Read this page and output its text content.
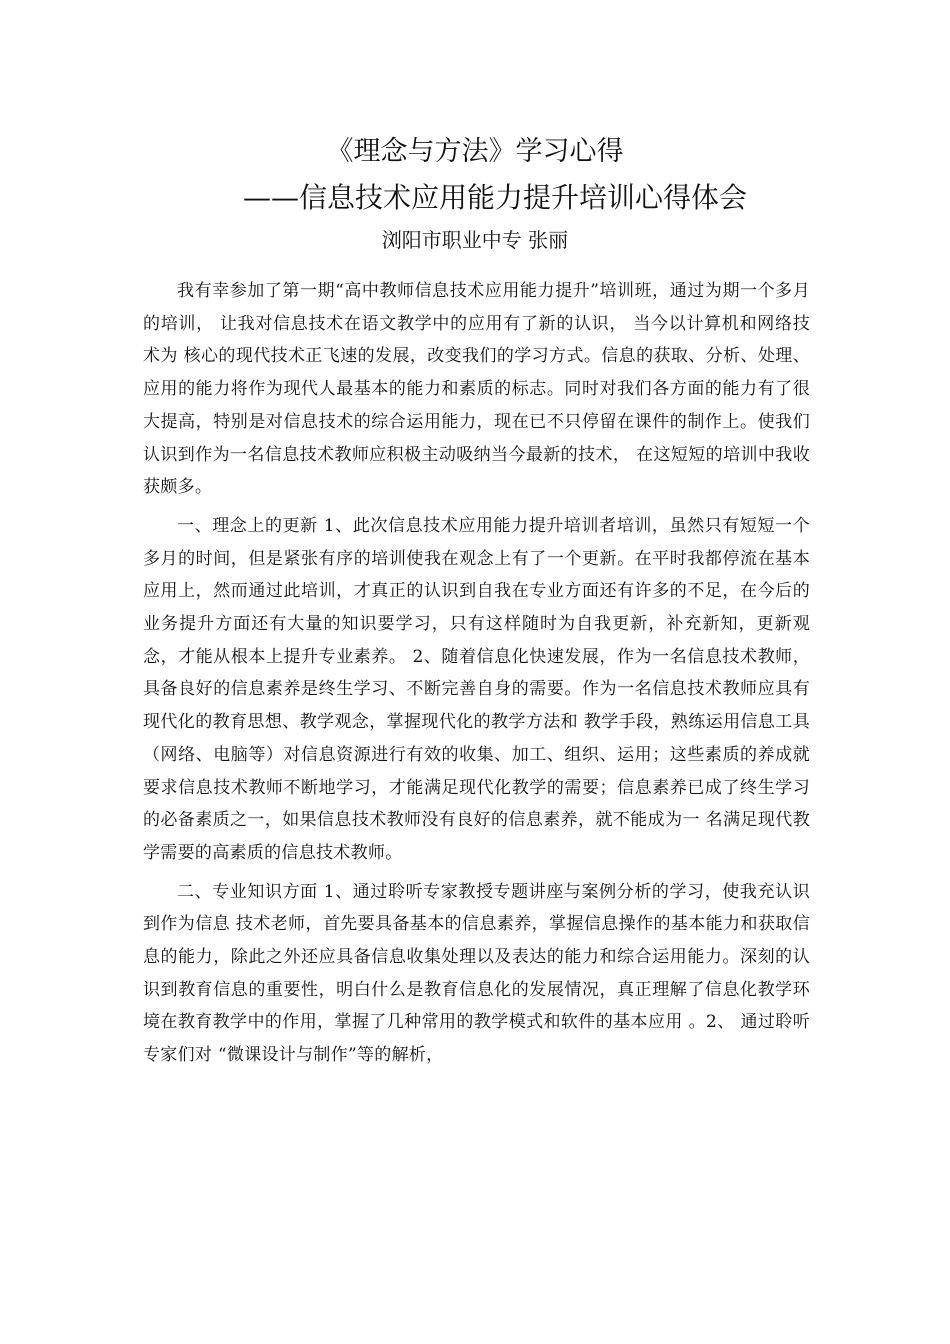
《理念与方法》学习心得
——信息技术应用能力提升培训心得体会
浏阳市职业中专 张丽

我有幸参加了第一期“高中教师信息技术应用能力提升”培训班，通过为期一个多月的培训， 让我对信息技术在语文教学中的应用有了新的认识， 当今以计算机和网络技术为 核心的现代技术正飞速的发展，改变我们的学习方式。信息的获取、分析、处理、应用的能力将作为现代人最基本的能力和素质的标志。同时对我们各方面的能力有了很大提高，特别是对信息技术的综合运用能力，现在已不只停留在课件的制作上。使我们认识到作为一名信息技术教师应积极主动吸纳当今最新的技术， 在这短短的培训中我收获颇多。

一、理念上的更新 1、此次信息技术应用能力提升培训者培训，虽然只有短短一个多月的时间，但是紧张有序的培训使我在观念上有了一个更新。在平时我都停流在基本应用上，然而通过此培训，才真正的认识到自我在专业方面还有许多的不足，在今后的业务提升方面还有大量的知识要学习，只有这样随时为自我更新，补充新知，更新观念，才能从根本上提升专业素养。 2、随着信息化快速发展，作为一名信息技术教师，具备良好的信息素养是终生学习、不断完善自身的需要。作为一名信息技术教师应具有现代化的教育思想、教学观念，掌握现代化的教学方法和 教学手段，熟练运用信息工具（网络、电脑等）对信息资源进行有效的收集、加工、组织、运用；这些素质的养成就要求信息技术教师不断地学习，才能满足现代化教学的需要；信息素养已成了终生学习的必备素质之一，如果信息技术教师没有良好的信息素养，就不能成为一 名满足现代教学需要的高素质的信息技术教师。

二、专业知识方面 1、通过聆听专家教授专题讲座与案例分析的学习，使我充认识到作为信息 技术老师，首先要具备基本的信息素养，掌握信息操作的基本能力和获取信息的能力，除此之外还应具备信息收集处理以及表达的能力和综合运用能力。深刻的认识到教育信息的重要性，明白什么是教育信息化的发展情况，真正理解了信息化教学环境在教育教学中的作用，掌握了几种常用的教学模式和软件的基本应用 。2、 通过聆听专家们对 “微课设计与制作”等的解析，
